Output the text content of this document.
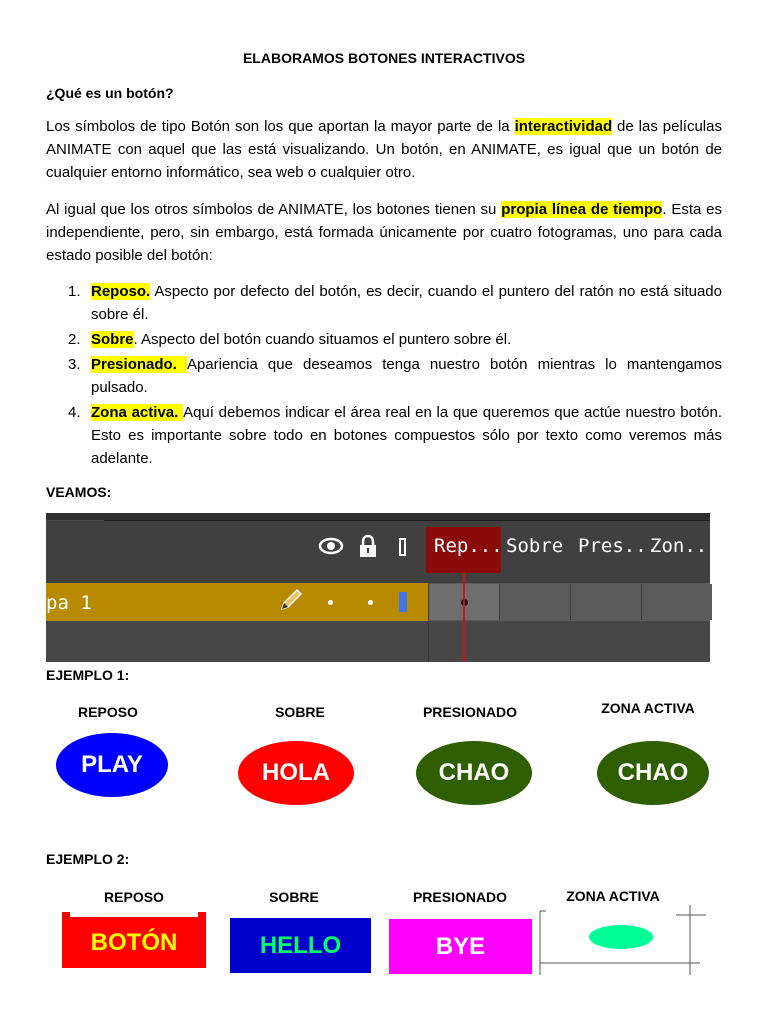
ELABORAMOS BOTONES INTERACTIVOS
¿Qué es un botón?
Los símbolos de tipo Botón son los que aportan la mayor parte de la interactividad de las películas ANIMATE con aquel que las está visualizando. Un botón, en ANIMATE, es igual que un botón de cualquier entorno informático, sea web o cualquier otro.
Al igual que los otros símbolos de ANIMATE, los botones tienen su propia línea de tiempo. Esta es independiente, pero, sin embargo, está formada únicamente por cuatro fotogramas, uno para cada estado posible del botón:
1. Reposo. Aspecto por defecto del botón, es decir, cuando el puntero del ratón no está situado sobre él.
2. Sobre. Aspecto del botón cuando situamos el puntero sobre él.
3. Presionado. Apariencia que deseamos tenga nuestro botón mientras lo mantengamos pulsado.
4. Zona activa. Aquí debemos indicar el área real en la que queremos que actúe nuestro botón. Esto es importante sobre todo en botones compuestos sólo por texto como veremos más adelante.
VEAMOS:
Rep... Sobre Pres...
Zon...
pa 1
EJEMPLO 1:
REPOSO	SOBRE	PRESIONADO	ZONA ACTIVA
PLAY	HOLA	CHAO	CHAO
EJEMPLO 2:
REPOSO	SOBRE	PRESIONADO	ZONA ACTIVA
BOTÓN	HELLO	BYE
